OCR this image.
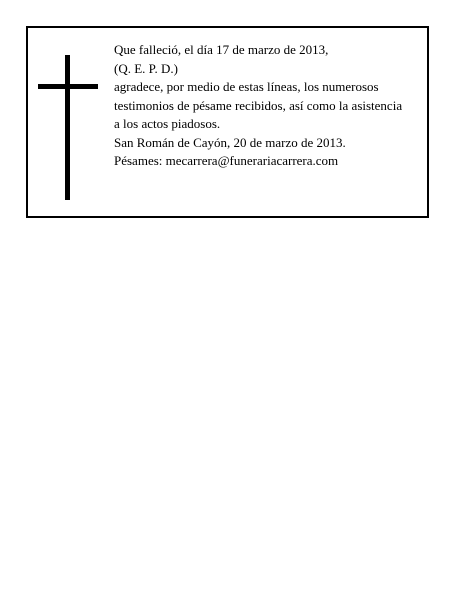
Que falleció, el día 17 de marzo de 2013,
(Q. E. P. D.)
agradece, por medio de estas líneas, los numerosos
testimonios de pésame recibidos, así como la asistencia
a los actos piadosos.
San Román de Cayón, 20 de marzo de 2013.
Pésames: mecarrera@funerariacarrera.com
